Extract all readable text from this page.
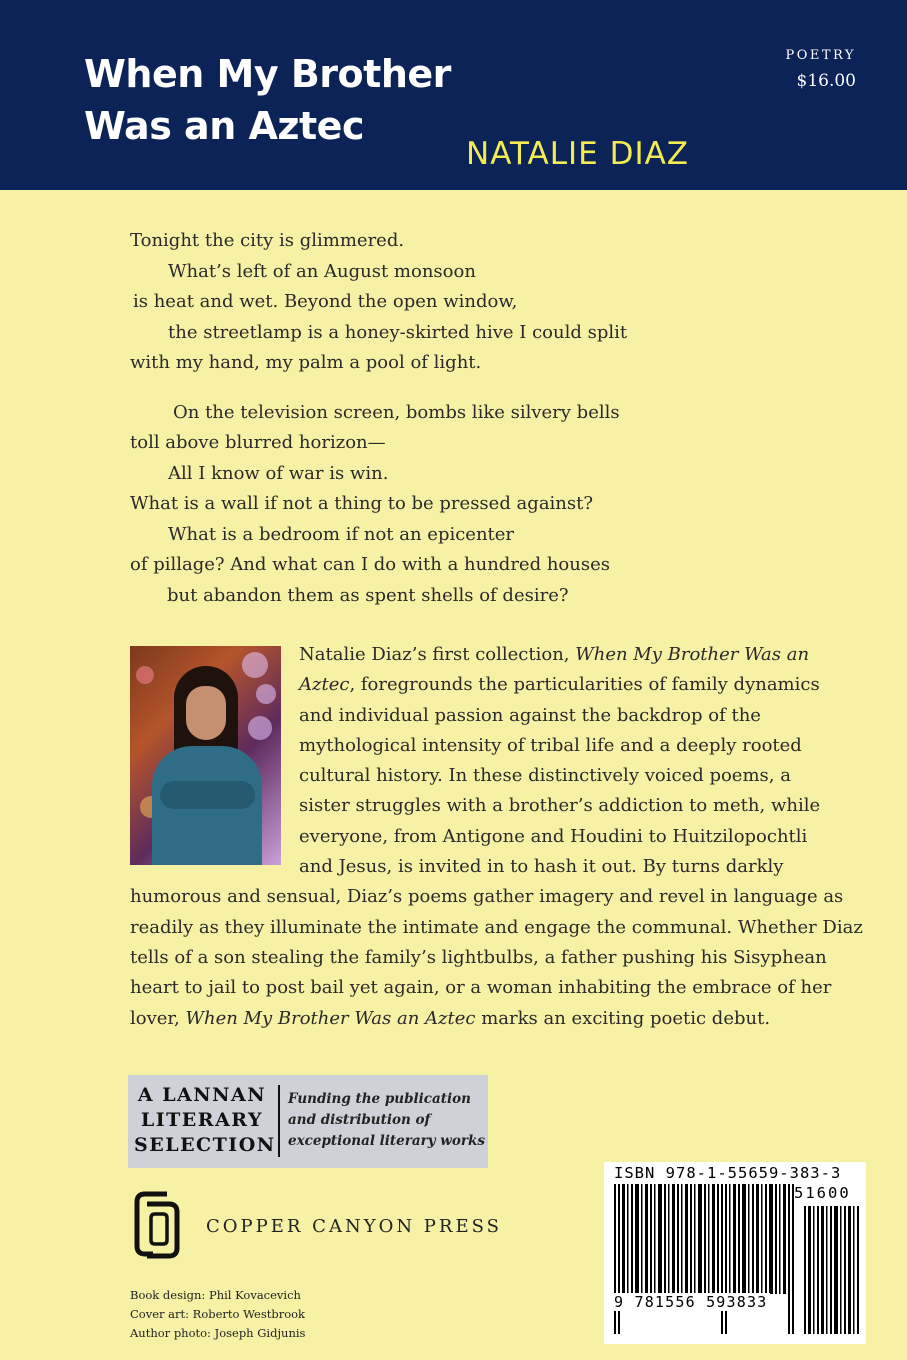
When My Brother
Was an Aztec
NATALIE DIAZ
POETRY
$16.00
Tonight the city is glimmered.
What’s left of an August monsoon
is heat and wet. Beyond the open window,
the streetlamp is a honey-skirted hive I could split
with my hand, my palm a pool of light.
On the television screen, bombs like silvery bells
toll above blurred horizon—
All I know of war is win.
What is a wall if not a thing to be pressed against?
What is a bedroom if not an epicenter
of pillage? And what can I do with a hundred houses
but abandon them as spent shells of desire?
Natalie Diaz’s first collection, When My Brother Was an
Aztec, foregrounds the particularities of family dynamics
and individual passion against the backdrop of the
mythological intensity of tribal life and a deeply rooted
cultural history. In these distinctively voiced poems, a
sister struggles with a brother’s addiction to meth, while
everyone, from Antigone and Houdini to Huitzilopochtli
and Jesus, is invited in to hash it out. By turns darkly
humorous and sensual, Diaz’s poems gather imagery and revel in language as
readily as they illuminate the intimate and engage the communal. Whether Diaz
tells of a son stealing the family’s lightbulbs, a father pushing his Sisyphean
heart to jail to post bail yet again, or a woman inhabiting the embrace of her
lover, When My Brother Was an Aztec marks an exciting poetic debut.
A LANNAN
LITERARY
SELECTION
Funding the publication
and distribution of
exceptional literary works
COPPER CANYON PRESS
Book design: Phil Kovacevich
Cover art: Roberto Westbrook
Author photo: Joseph Gidjunis
ISBN 978-1-55659-383-3
51600
9 781556 593833
